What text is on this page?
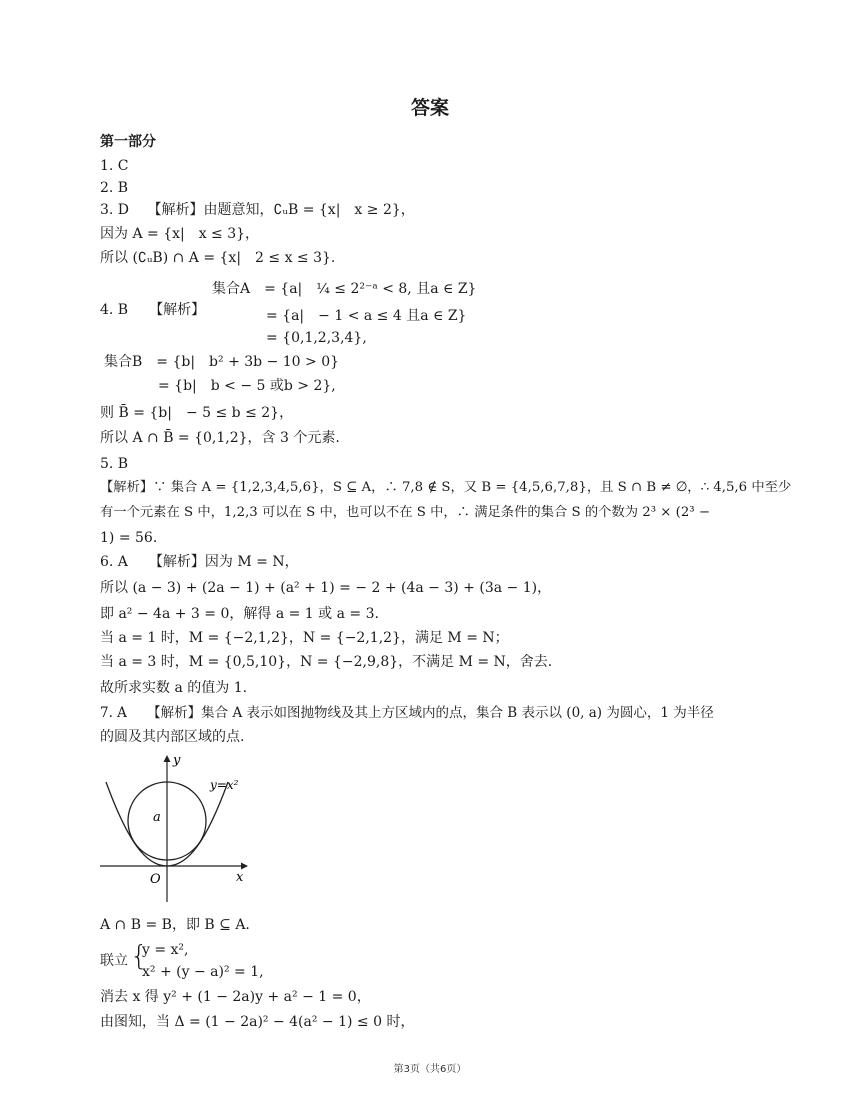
答案
第一部分
1. C
2. B
3. D　 【解析】由题意知，∁ᵤB = {x|　x ≥ 2}，
因为 A = {x|　x ≤ 3}，
所以 (∁ᵤB) ∩ A = {x|　2 ≤ x ≤ 3}.
4. B　　【解析】
集合A　= {a|　¼ ≤ 2²⁻ᵃ < 8, 且a ∈ Z}
= {a|　− 1 < a ≤ 4 且a ∈ Z}
= {0,1,2,3,4},
集合B　= {b|　b² + 3b − 10 > 0}
= {b|　b < − 5 或b > 2},
则 B̄ = {b|　− 5 ≤ b ≤ 2}，
所以 A ∩ B̄ = {0,1,2}，含 3 个元素.
5. B
【解析】∵ 集合 A = {1,2,3,4,5,6}，S ⊆ A，∴ 7,8 ∉ S，又 B = {4,5,6,7,8}，且 S ∩ B ≠ ∅，∴ 4,5,6 中至少
有一个元素在 S 中，1,2,3 可以在 S 中，也可以不在 S 中，∴ 满足条件的集合 S 的个数为 2³ × (2³ −
1) = 56.
6. A　　【解析】因为 M = N，
所以 (a − 3) + (2a − 1) + (a² + 1) = − 2 + (4a − 3) + (3a − 1)，
即 a² − 4a + 3 = 0，解得 a = 1 或 a = 3.
当 a = 1 时，M = {−2,1,2}，N = {−2,1,2}，满足 M = N；
当 a = 3 时，M = {0,5,10}，N = {−2,9,8}，不满足 M = N，舍去.
故所求实数 a 的值为 1.
7. A　　【解析】集合 A 表示如图抛物线及其上方区域内的点，集合 B 表示以 (0, a) 为圆心，1 为半径
的圆及其内部区域的点.
y
x
y=x²
a
O
A ∩ B = B，即 B ⊆ A.
联立 {
y = x²,
x² + (y − a)² = 1,
消去 x 得 y² + (1 − 2a)y + a² − 1 = 0，
由图知，当 Δ = (1 − 2a)² − 4(a² − 1) ≤ 0 时，
第3页（共6页）
